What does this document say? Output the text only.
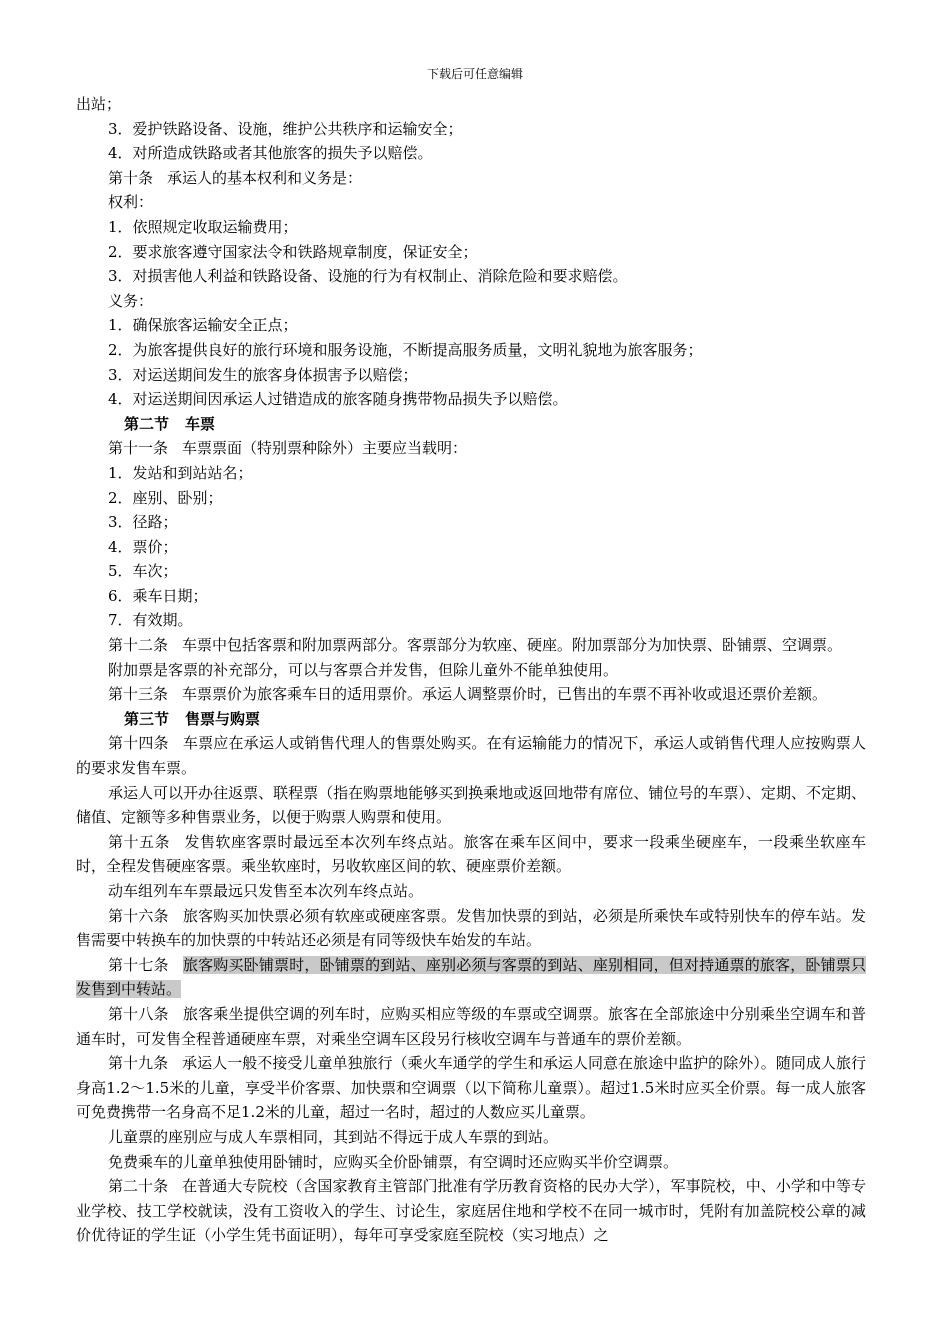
下载后可任意编辑
出站；
3．爱护铁路设备、设施，维护公共秩序和运输安全；
4．对所造成铁路或者其他旅客的损失予以赔偿。
第十条 承运人的基本权利和义务是：
权利：
1．依照规定收取运输费用；
2．要求旅客遵守国家法令和铁路规章制度，保证安全；
3．对损害他人利益和铁路设备、设施的行为有权制止、消除危险和要求赔偿。
义务：
1．确保旅客运输安全正点；
2．为旅客提供良好的旅行环境和服务设施，不断提高服务质量，文明礼貌地为旅客服务；
3．对运送期间发生的旅客身体损害予以赔偿；
4．对运送期间因承运人过错造成的旅客随身携带物品损失予以赔偿。
第二节 车票
第十一条 车票票面（特别票种除外）主要应当载明：
1．发站和到站站名；
2．座别、卧别；
3．径路；
4．票价；
5．车次；
6．乘车日期；
7．有效期。
第十二条 车票中包括客票和附加票两部分。客票部分为软座、硬座。附加票部分为加快票、卧铺票、空调票。
附加票是客票的补充部分，可以与客票合并发售，但除儿童外不能单独使用。
第十三条 车票票价为旅客乘车日的适用票价。承运人调整票价时，已售出的车票不再补收或退还票价差额。
第三节 售票与购票
第十四条 车票应在承运人或销售代理人的售票处购买。在有运输能力的情况下，承运人或销售代理人应按购票人的要求发售车票。
承运人可以开办往返票、联程票（指在购票地能够买到换乘地或返回地带有席位、铺位号的车票）、定期、不定期、储值、定额等多种售票业务，以便于购票人购票和使用。
第十五条 发售软座客票时最远至本次列车终点站。旅客在乘车区间中，要求一段乘坐硬座车，一段乘坐软座车时，全程发售硬座客票。乘坐软座时，另收软座区间的软、硬座票价差额。
动车组列车车票最远只发售至本次列车终点站。
第十六条 旅客购买加快票必须有软座或硬座客票。发售加快票的到站，必须是所乘快车或特别快车的停车站。发售需要中转换车的加快票的中转站还必须是有同等级快车始发的车站。
第十七条 旅客购买卧铺票时，卧铺票的到站、座别必须与客票的到站、座别相同，但对持通票的旅客，卧铺票只发售到中转站。
第十八条 旅客乘坐提供空调的列车时，应购买相应等级的车票或空调票。旅客在全部旅途中分别乘坐空调车和普通车时，可发售全程普通硬座车票，对乘坐空调车区段另行核收空调车与普通车的票价差额。
第十九条 承运人一般不接受儿童单独旅行（乘火车通学的学生和承运人同意在旅途中监护的除外）。随同成人旅行身高1.2～1.5米的儿童，享受半价客票、加快票和空调票（以下简称儿童票）。超过1.5米时应买全价票。每一成人旅客可免费携带一名身高不足1.2米的儿童，超过一名时，超过的人数应买儿童票。
儿童票的座别应与成人车票相同，其到站不得远于成人车票的到站。
免费乘车的儿童单独使用卧铺时，应购买全价卧铺票，有空调时还应购买半价空调票。
第二十条 在普通大专院校（含国家教育主管部门批准有学历教育资格的民办大学），军事院校，中、小学和中等专业学校、技工学校就读，没有工资收入的学生、讨论生，家庭居住地和学校不在同一城市时，凭附有加盖院校公章的减价优待证的学生证（小学生凭书面证明），每年可享受家庭至院校（实习地点）之
